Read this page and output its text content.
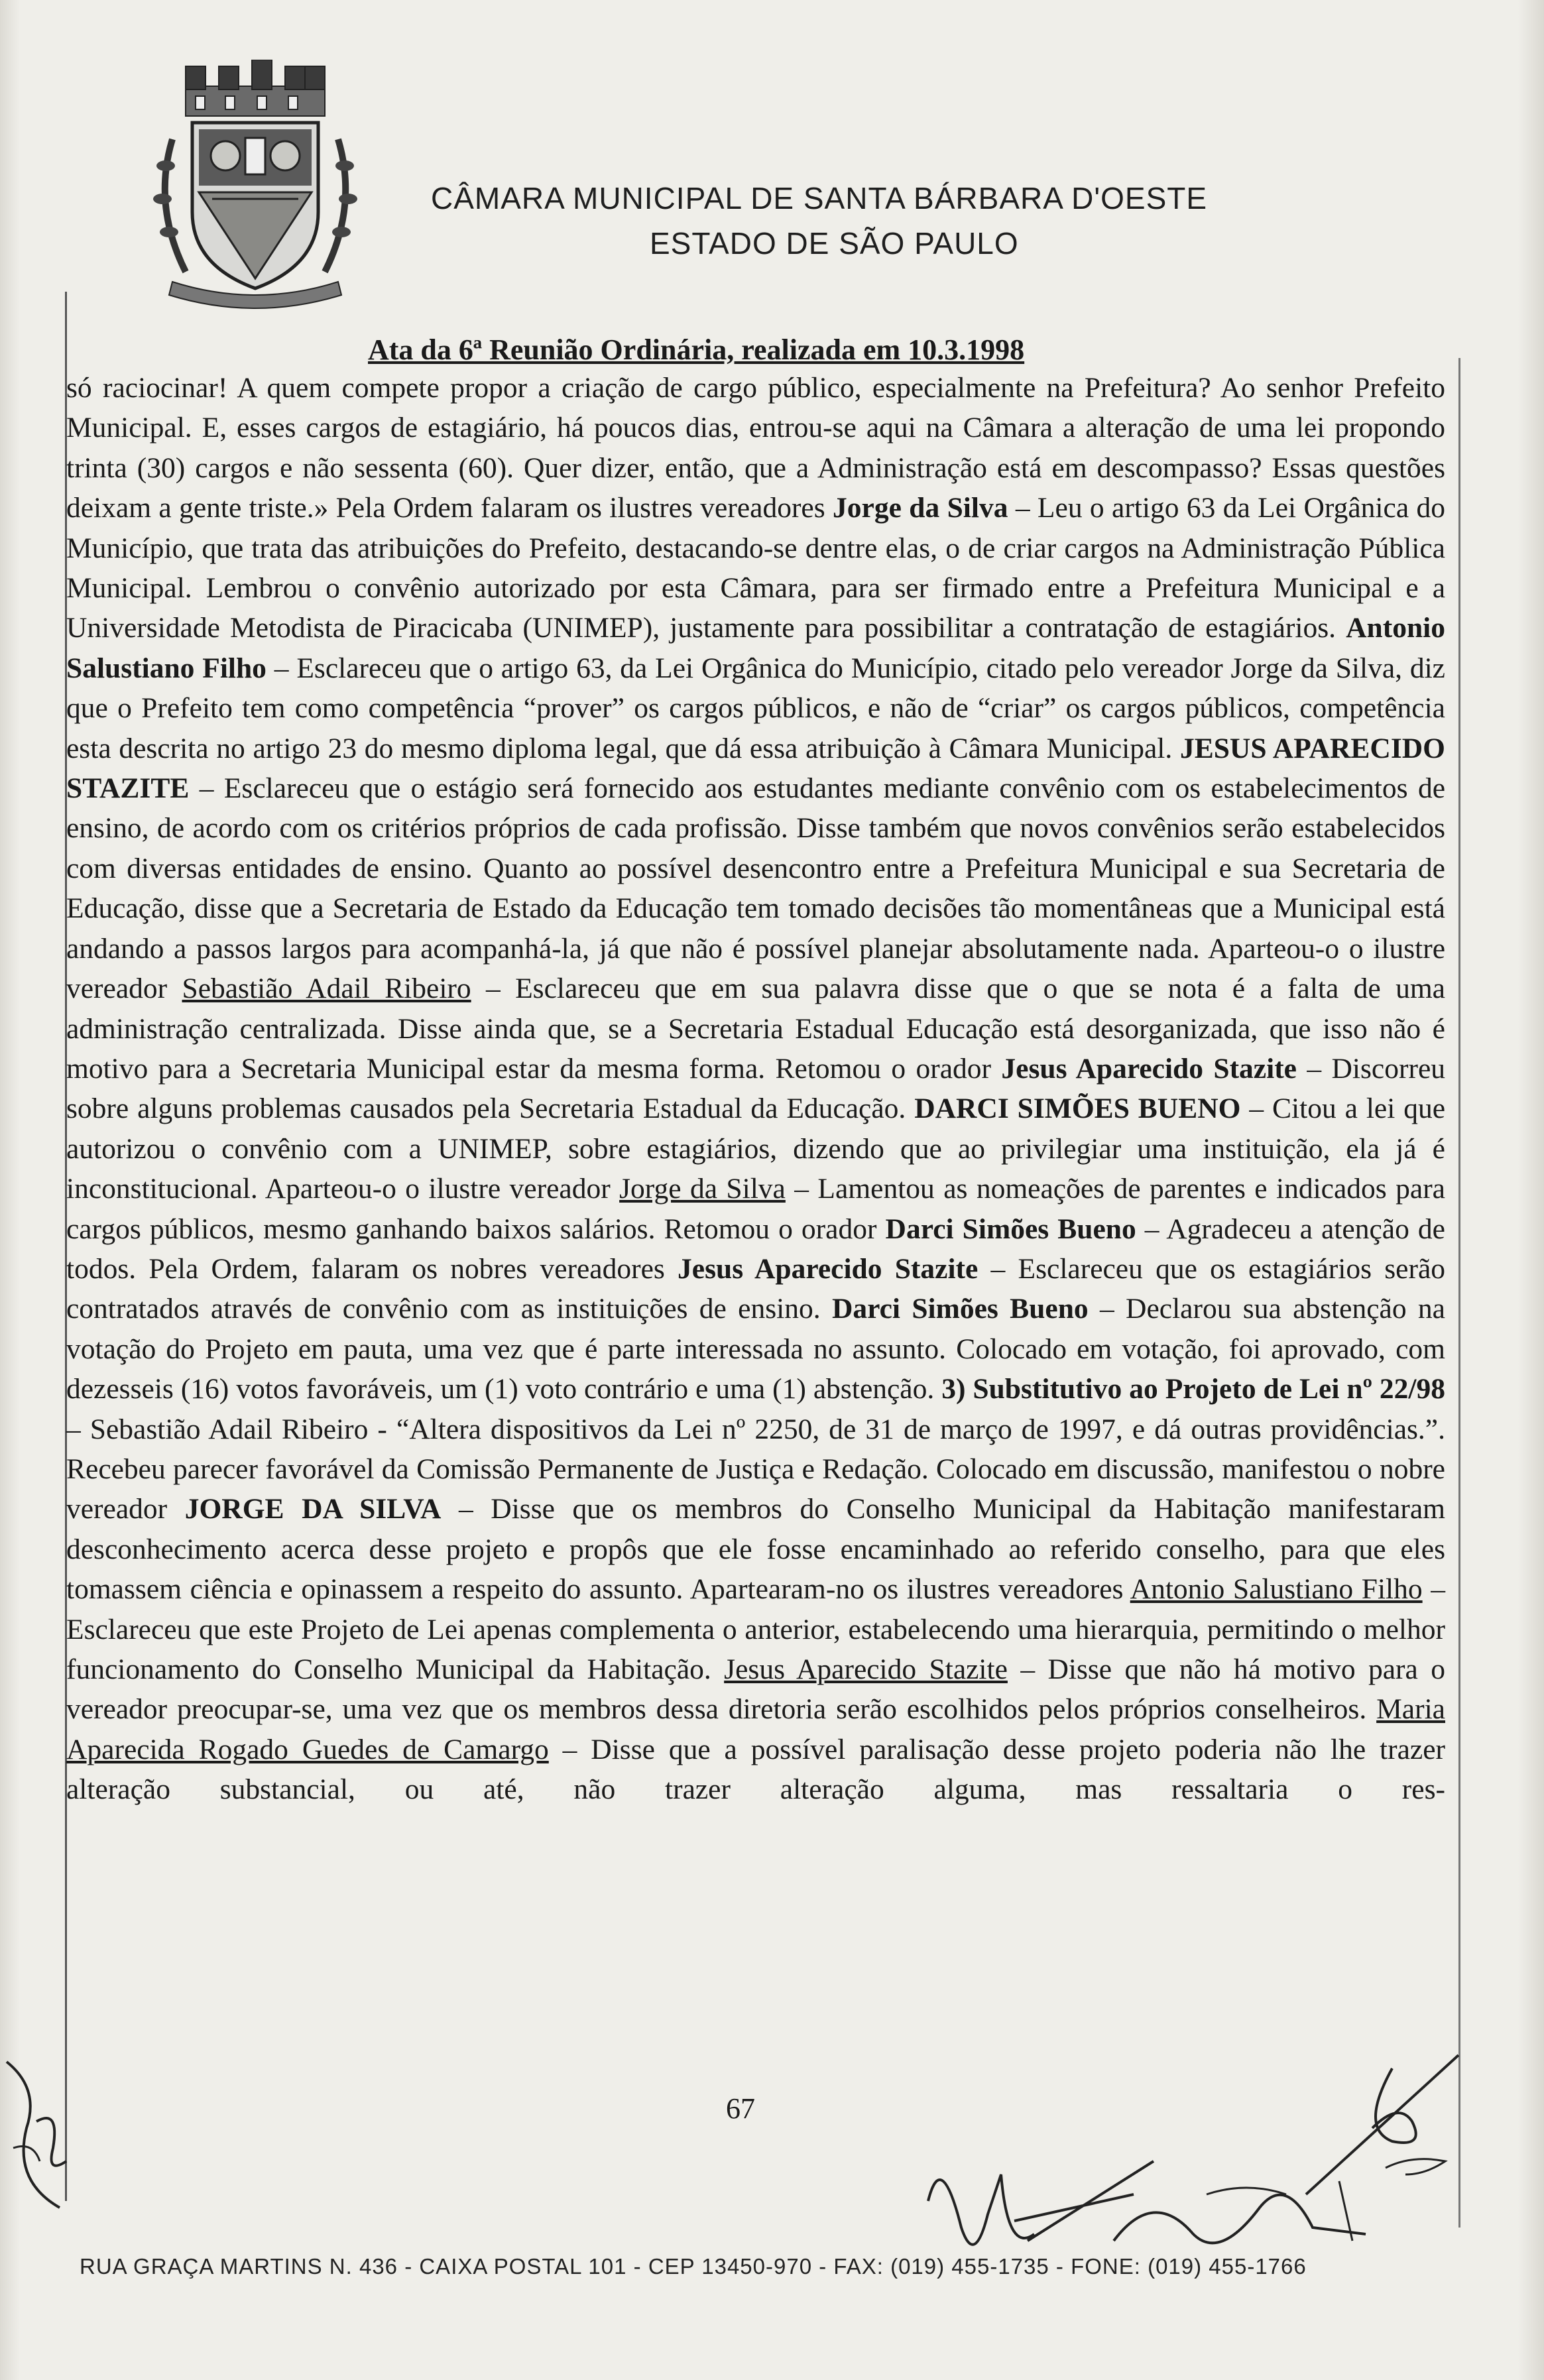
CÂMARA MUNICIPAL DE SANTA BÁRBARA D'OESTE
ESTADO DE SÃO PAULO
Ata da 6ª Reunião Ordinária, realizada em 10.3.1998
só raciocinar! A quem compete propor a criação de cargo público, especialmente na Prefeitura? Ao senhor Prefeito Municipal. E, esses cargos de estagiário, há poucos dias, entrou-se aqui na Câmara a alteração de uma lei propondo trinta (30) cargos e não sessenta (60). Quer dizer, então, que a Administração está em descompasso? Essas questões deixam a gente triste.» Pela Ordem falaram os ilustres vereadores Jorge da Silva – Leu o artigo 63 da Lei Orgânica do Município, que trata das atribuições do Prefeito, destacando-se dentre elas, o de criar cargos na Administração Pública Municipal. Lembrou o convênio autorizado por esta Câmara, para ser firmado entre a Prefeitura Municipal e a Universidade Metodista de Piracicaba (UNIMEP), justamente para possibilitar a contratação de estagiários. Antonio Salustiano Filho – Esclareceu que o artigo 63, da Lei Orgânica do Município, citado pelo vereador Jorge da Silva, diz que o Prefeito tem como competência “prover” os cargos públicos, e não de “criar” os cargos públicos, competência esta descrita no artigo 23 do mesmo diploma legal, que dá essa atribuição à Câmara Municipal. JESUS APARECIDO STAZITE – Esclareceu que o estágio será fornecido aos estudantes mediante convênio com os estabelecimentos de ensino, de acordo com os critérios próprios de cada profissão. Disse também que novos convênios serão estabelecidos com diversas entidades de ensino. Quanto ao possível desencontro entre a Prefeitura Municipal e sua Secretaria de Educação, disse que a Secretaria de Estado da Educação tem tomado decisões tão momentâneas que a Municipal está andando a passos largos para acompanhá-la, já que não é possível planejar absolutamente nada. Aparteou-o o ilustre vereador Sebastião Adail Ribeiro – Esclareceu que em sua palavra disse que o que se nota é a falta de uma administração centralizada. Disse ainda que, se a Secretaria Estadual Educação está desorganizada, que isso não é motivo para a Secretaria Municipal estar da mesma forma. Retomou o orador Jesus Aparecido Stazite – Discorreu sobre alguns problemas causados pela Secretaria Estadual da Educação. DARCI SIMÕES BUENO – Citou a lei que autorizou o convênio com a UNIMEP, sobre estagiários, dizendo que ao privilegiar uma instituição, ela já é inconstitucional. Aparteou-o o ilustre vereador Jorge da Silva – Lamentou as nomeações de parentes e indicados para cargos públicos, mesmo ganhando baixos salários. Retomou o orador Darci Simões Bueno – Agradeceu a atenção de todos. Pela Ordem, falaram os nobres vereadores Jesus Aparecido Stazite – Esclareceu que os estagiários serão contratados através de convênio com as instituições de ensino. Darci Simões Bueno – Declarou sua abstenção na votação do Projeto em pauta, uma vez que é parte interessada no assunto. Colocado em votação, foi aprovado, com dezesseis (16) votos favoráveis, um (1) voto contrário e uma (1) abstenção. 3) Substitutivo ao Projeto de Lei nº 22/98 – Sebastião Adail Ribeiro - “Altera dispositivos da Lei nº 2250, de 31 de março de 1997, e dá outras providências.”. Recebeu parecer favorável da Comissão Permanente de Justiça e Redação. Colocado em discussão, manifestou o nobre vereador JORGE DA SILVA – Disse que os membros do Conselho Municipal da Habitação manifestaram desconhecimento acerca desse projeto e propôs que ele fosse encaminhado ao referido conselho, para que eles tomassem ciência e opinassem a respeito do assunto. Apartearam-no os ilustres vereadores Antonio Salustiano Filho – Esclareceu que este Projeto de Lei apenas complementa o anterior, estabelecendo uma hierarquia, permitindo o melhor funcionamento do Conselho Municipal da Habitação. Jesus Aparecido Stazite – Disse que não há motivo para o vereador preocupar-se, uma vez que os membros dessa diretoria serão escolhidos pelos próprios conselheiros. Maria Aparecida Rogado Guedes de Camargo – Disse que a possível paralisação desse projeto poderia não lhe trazer alteração substancial, ou até, não trazer alteração alguma, mas ressaltaria o res-
67
RUA GRAÇA MARTINS N. 436 - CAIXA POSTAL 101 - CEP 13450-970 - FAX: (019) 455-1735 - FONE: (019) 455-1766
